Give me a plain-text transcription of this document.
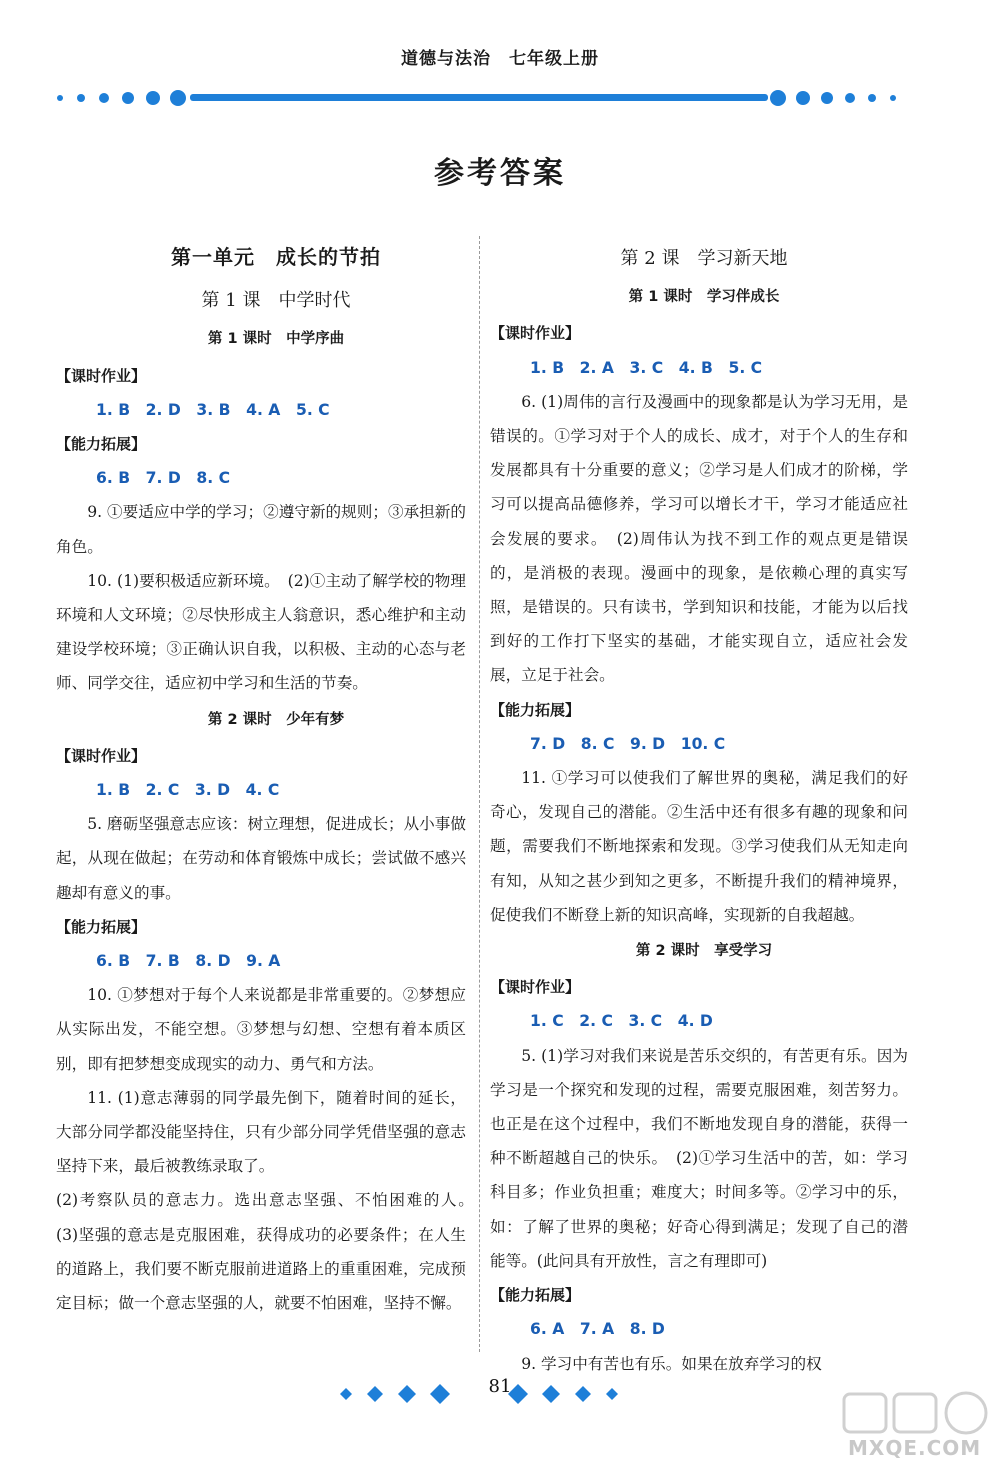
道德与法治　七年级上册
参考答案
第一单元　成长的节拍
第 1 课　中学时代
第 1 课时　中学序曲
【课时作业】
1. B　2. D　3. B　4. A　5. C
【能力拓展】
6. B　7. D　8. C
9. ①要适应中学的学习；②遵守新的规则；③承担新的角色。
10. (1)要积极适应新环境。　(2)①主动了解学校的物理环境和人文环境；②尽快形成主人翁意识，悉心维护和主动建设学校环境；③正确认识自我，以积极、主动的心态与老师、同学交往，适应初中学习和生活的节奏。
第 2 课时　少年有梦
【课时作业】
1. B　2. C　3. D　4. C
5. 磨砺坚强意志应该：树立理想，促进成长；从小事做起，从现在做起；在劳动和体育锻炼中成长；尝试做不感兴趣却有意义的事。
【能力拓展】
6. B　7. B　8. D　9. A
10. ①梦想对于每个人来说都是非常重要的。②梦想应从实际出发，不能空想。③梦想与幻想、空想有着本质区别，即有把梦想变成现实的动力、勇气和方法。
11. (1)意志薄弱的同学最先倒下，随着时间的延长，大部分同学都没能坚持住，只有少部分同学凭借坚强的意志坚持下来，最后被教练录取了。
(2)考察队员的意志力。选出意志坚强、不怕困难的人。　(3)坚强的意志是克服困难，获得成功的必要条件；在人生的道路上，我们要不断克服前进道路上的重重困难，完成预定目标；做一个意志坚强的人，就要不怕困难，坚持不懈。
第 2 课　学习新天地
第 1 课时　学习伴成长
【课时作业】
1. B　2. A　3. C　4. B　5. C
6. (1)周伟的言行及漫画中的现象都是认为学习无用，是错误的。①学习对于个人的成长、成才，对于个人的生存和发展都具有十分重要的意义；②学习是人们成才的阶梯，学习可以提高品德修养，学习可以增长才干，学习才能适应社会发展的要求。　(2)周伟认为找不到工作的观点更是错误的，是消极的表现。漫画中的现象，是依赖心理的真实写照，是错误的。只有读书，学到知识和技能，才能为以后找到好的工作打下坚实的基础，才能实现自立，适应社会发展，立足于社会。
【能力拓展】
7. D　8. C　9. D　10. C
11. ①学习可以使我们了解世界的奥秘，满足我们的好奇心，发现自己的潜能。②生活中还有很多有趣的现象和问题，需要我们不断地探索和发现。③学习使我们从无知走向有知，从知之甚少到知之更多，不断提升我们的精神境界，促使我们不断登上新的知识高峰，实现新的自我超越。
第 2 课时　享受学习
【课时作业】
1. C　2. C　3. C　4. D
5. (1)学习对我们来说是苦乐交织的，有苦更有乐。因为学习是一个探究和发现的过程，需要克服困难，刻苦努力。也正是在这个过程中，我们不断地发现自身的潜能，获得一种不断超越自己的快乐。　(2)①学习生活中的苦，如：学习科目多；作业负担重；难度大；时间多等。②学习中的乐，如：了解了世界的奥秘；好奇心得到满足；发现了自己的潜能等。(此问具有开放性，言之有理即可)
【能力拓展】
6. A　7. A　8. D
9. 学习中有苦也有乐。如果在放弃学习的权
81
MXQE.COM
